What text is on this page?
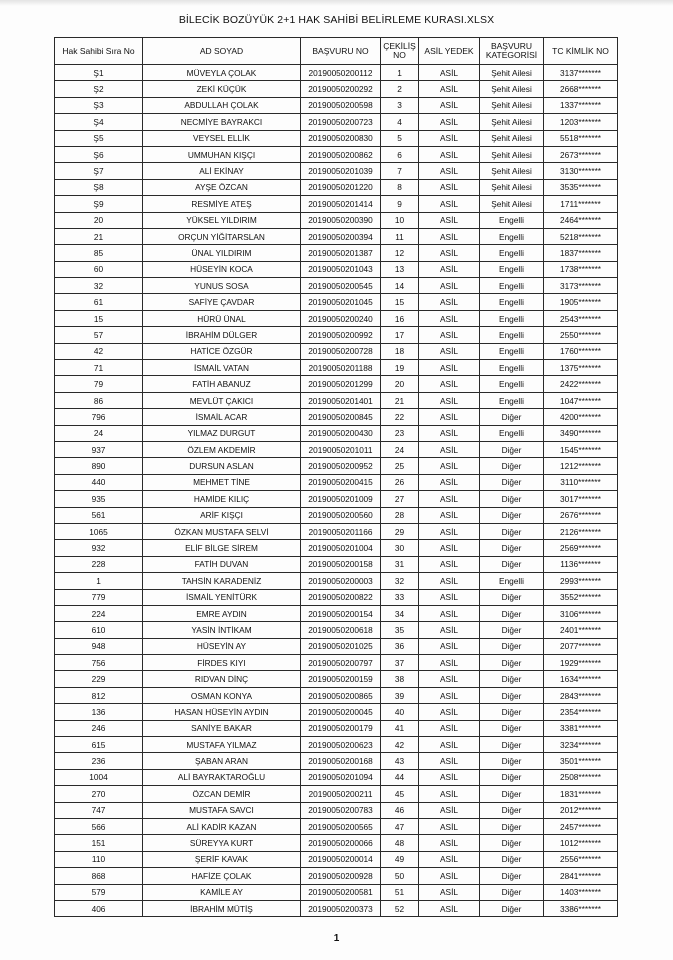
BİLECİK BOZÜYÜK 2+1 HAK SAHİBİ BELİRLEME KURASI.XLSX
Hak Sahibi Sıra No	AD SOYAD	BAŞVURU NO	ÇEKİLİŞ NO	ASİL YEDEK	BAŞVURU KATEGORİSİ	TC KİMLİK NO
Ş1	MÜVEYLA ÇOLAK	20190050200112	1	ASİL	Şehit Ailesi	3137*******
Ş2	ZEKİ KÜÇÜK	20190050200292	2	ASİL	Şehit Ailesi	2668*******
Ş3	ABDULLAH ÇOLAK	20190050200598	3	ASİL	Şehit Ailesi	1337*******
Ş4	NECMİYE BAYRAKCI	20190050200723	4	ASİL	Şehit Ailesi	1203*******
Ş5	VEYSEL ELLİK	20190050200830	5	ASİL	Şehit Ailesi	5518*******
Ş6	UMMUHAN KIŞÇI	20190050200862	6	ASİL	Şehit Ailesi	2673*******
Ş7	ALİ EKİNAY	20190050201039	7	ASİL	Şehit Ailesi	3130*******
Ş8	AYŞE ÖZCAN	20190050201220	8	ASİL	Şehit Ailesi	3535*******
Ş9	RESMİYE ATEŞ	20190050201414	9	ASİL	Şehit Ailesi	1711*******
20	YÜKSEL YILDIRIM	20190050200390	10	ASİL	Engelli	2464*******
21	ORÇUN YİĞİTARSLAN	20190050200394	11	ASİL	Engelli	5218*******
85	ÜNAL YILDIRIM	20190050201387	12	ASİL	Engelli	1837*******
60	HÜSEYİN KOCA	20190050201043	13	ASİL	Engelli	1738*******
32	YUNUS SOSA	20190050200545	14	ASİL	Engelli	3173*******
61	SAFİYE ÇAVDAR	20190050201045	15	ASİL	Engelli	1905*******
15	HÜRÜ ÜNAL	20190050200240	16	ASİL	Engelli	2543*******
57	İBRAHİM DÜLGER	20190050200992	17	ASİL	Engelli	2550*******
42	HATİCE ÖZGÜR	20190050200728	18	ASİL	Engelli	1760*******
71	İSMAİL VATAN	20190050201188	19	ASİL	Engelli	1375*******
79	FATİH ABANUZ	20190050201299	20	ASİL	Engelli	2422*******
86	MEVLÜT ÇAKICI	20190050201401	21	ASİL	Engelli	1047*******
796	İSMAİL ACAR	20190050200845	22	ASİL	Diğer	4200*******
24	YILMAZ DURGUT	20190050200430	23	ASİL	Engelli	3490*******
937	ÖZLEM AKDEMİR	20190050201011	24	ASİL	Diğer	1545*******
890	DURSUN ASLAN	20190050200952	25	ASİL	Diğer	1212*******
440	MEHMET TİNE	20190050200415	26	ASİL	Diğer	3110*******
935	HAMİDE KILIÇ	20190050201009	27	ASİL	Diğer	3017*******
561	ARİF KIŞÇI	20190050200560	28	ASİL	Diğer	2676*******
1065	ÖZKAN MUSTAFA SELVİ	20190050201166	29	ASİL	Diğer	2126*******
932	ELİF BİLGE SİREM	20190050201004	30	ASİL	Diğer	2569*******
228	FATİH DUVAN	20190050200158	31	ASİL	Diğer	1136*******
1	TAHSİN KARADENİZ	20190050200003	32	ASİL	Engelli	2993*******
779	İSMAİL YENİTÜRK	20190050200822	33	ASİL	Diğer	3552*******
224	EMRE AYDIN	20190050200154	34	ASİL	Diğer	3106*******
610	YASİN İNTİKAM	20190050200618	35	ASİL	Diğer	2401*******
948	HÜSEYİN AY	20190050201025	36	ASİL	Diğer	2077*******
756	FİRDES KIYI	20190050200797	37	ASİL	Diğer	1929*******
229	RIDVAN DİNÇ	20190050200159	38	ASİL	Diğer	1634*******
812	OSMAN KONYA	20190050200865	39	ASİL	Diğer	2843*******
136	HASAN HÜSEYİN AYDIN	20190050200045	40	ASİL	Diğer	2354*******
246	SANİYE BAKAR	20190050200179	41	ASİL	Diğer	3381*******
615	MUSTAFA YILMAZ	20190050200623	42	ASİL	Diğer	3234*******
236	ŞABAN ARAN	20190050200168	43	ASİL	Diğer	3501*******
1004	ALİ BAYRAKTAROĞLU	20190050201094	44	ASİL	Diğer	2508*******
270	ÖZCAN DEMİR	20190050200211	45	ASİL	Diğer	1831*******
747	MUSTAFA SAVCI	20190050200783	46	ASİL	Diğer	2012*******
566	ALİ KADİR KAZAN	20190050200565	47	ASİL	Diğer	2457*******
151	SÜREYYA KURT	20190050200066	48	ASİL	Diğer	1012*******
110	ŞERİF KAVAK	20190050200014	49	ASİL	Diğer	2556*******
868	HAFİZE ÇOLAK	20190050200928	50	ASİL	Diğer	2841*******
579	KAMİLE AY	20190050200581	51	ASİL	Diğer	1403*******
406	İBRAHİM MÜTİŞ	20190050200373	52	ASİL	Diğer	3386*******
1
